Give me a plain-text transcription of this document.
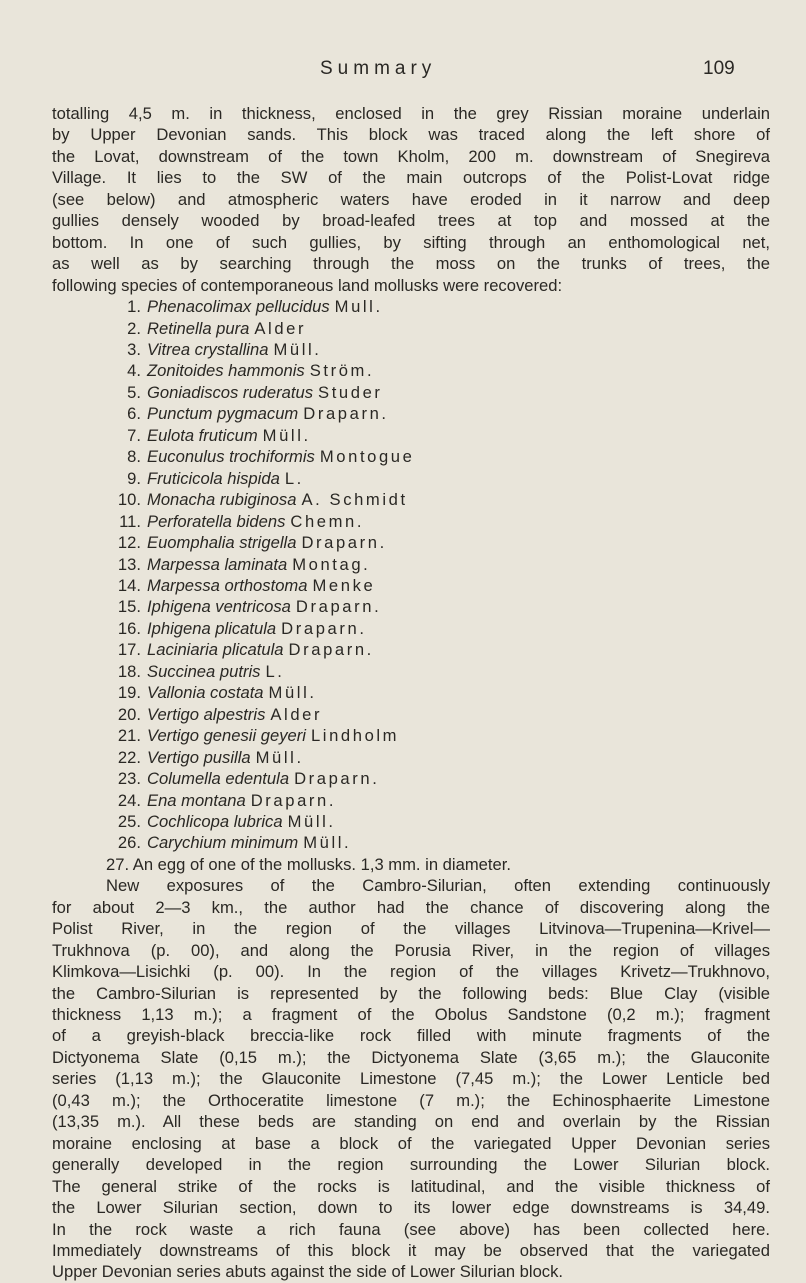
Summary	109
totalling 4,5 m. in thickness, enclosed in the grey Rissian moraine underlain
by Upper Devonian sands. This block was traced along the left shore of
the Lovat, downstream of the town Kholm, 200 m. downstream of Snegireva
Village. It lies to the SW of the main outcrops of the Polist-Lovat ridge
(see below) and atmospheric waters have eroded in it narrow and deep
gullies densely wooded by broad-leafed trees at top and mossed at the
bottom. In one of such gullies, by sifting through an enthomological net,
as well as by searching through the moss on the trunks of trees, the
following species of contemporaneous land mollusks were recovered:
1. Phenacolimax pellucidus Mull.
2. Retinella pura Alder
3. Vitrea crystallina Müll.
4. Zonitoides hammonis Ström.
5. Goniadiscos ruderatus Studer
6. Punctum pygmacum Draparn.
7. Eulota fruticum Müll.
8. Euconulus trochiformis Montogue
9. Fruticicola hispida L.
10. Monacha rubiginosa A. Schmidt
11. Perforatella bidens Chemn.
12. Euomphalia strigella Draparn.
13. Marpessa laminata Montag.
14. Marpessa orthostoma Menke
15. Iphigena ventricosa Draparn.
16. Iphigena plicatula Draparn.
17. Laciniaria plicatula Draparn.
18. Succinea putris L.
19. Vallonia costata Müll.
20. Vertigo alpestris Alder
21. Vertigo genesii geyeri Lindholm
22. Vertigo pusilla Müll.
23. Columella edentula Draparn.
24. Ena montana Draparn.
25. Cochlicopa lubrica Müll.
26. Carychium minimum Müll.
27. An egg of one of the mollusks. 1,3 mm. in diameter.
New exposures of the Cambro-Silurian, often extending continuously
for about 2—3 km., the author had the chance of discovering along the
Polist River, in the region of the villages Litvinova—Trupenina—Krivel—
Trukhnova (p. 00), and along the Porusia River, in the region of villages
Klimkova—Lisichki (p. 00). In the region of the villages Krivetz—Trukhnovo,
the Cambro-Silurian is represented by the following beds: Blue Clay (visible
thickness 1,13 m.); a fragment of the Obolus Sandstone (0,2 m.); fragment
of a greyish-black breccia-like rock filled with minute fragments of the
Dictyonema Slate (0,15 m.); the Dictyonema Slate (3,65 m.); the Glauconite
series (1,13 m.); the Glauconite Limestone (7,45 m.); the Lower Lenticle bed
(0,43 m.); the Orthoceratite limestone (7 m.); the Echinosphaerite Limestone
(13,35 m.). All these beds are standing on end and overlain by the Rissian
moraine enclosing at base a block of the variegated Upper Devonian series
generally developed in the region surrounding the Lower Silurian block.
The general strike of the rocks is latitudinal, and the visible thickness of
the Lower Silurian section, down to its lower edge downstreams is 34,49.
In the rock waste a rich fauna (see above) has been collected here.
Immediately downstreams of this block it may be observed that the variegated
Upper Devonian series abuts against the side of Lower Silurian block.
